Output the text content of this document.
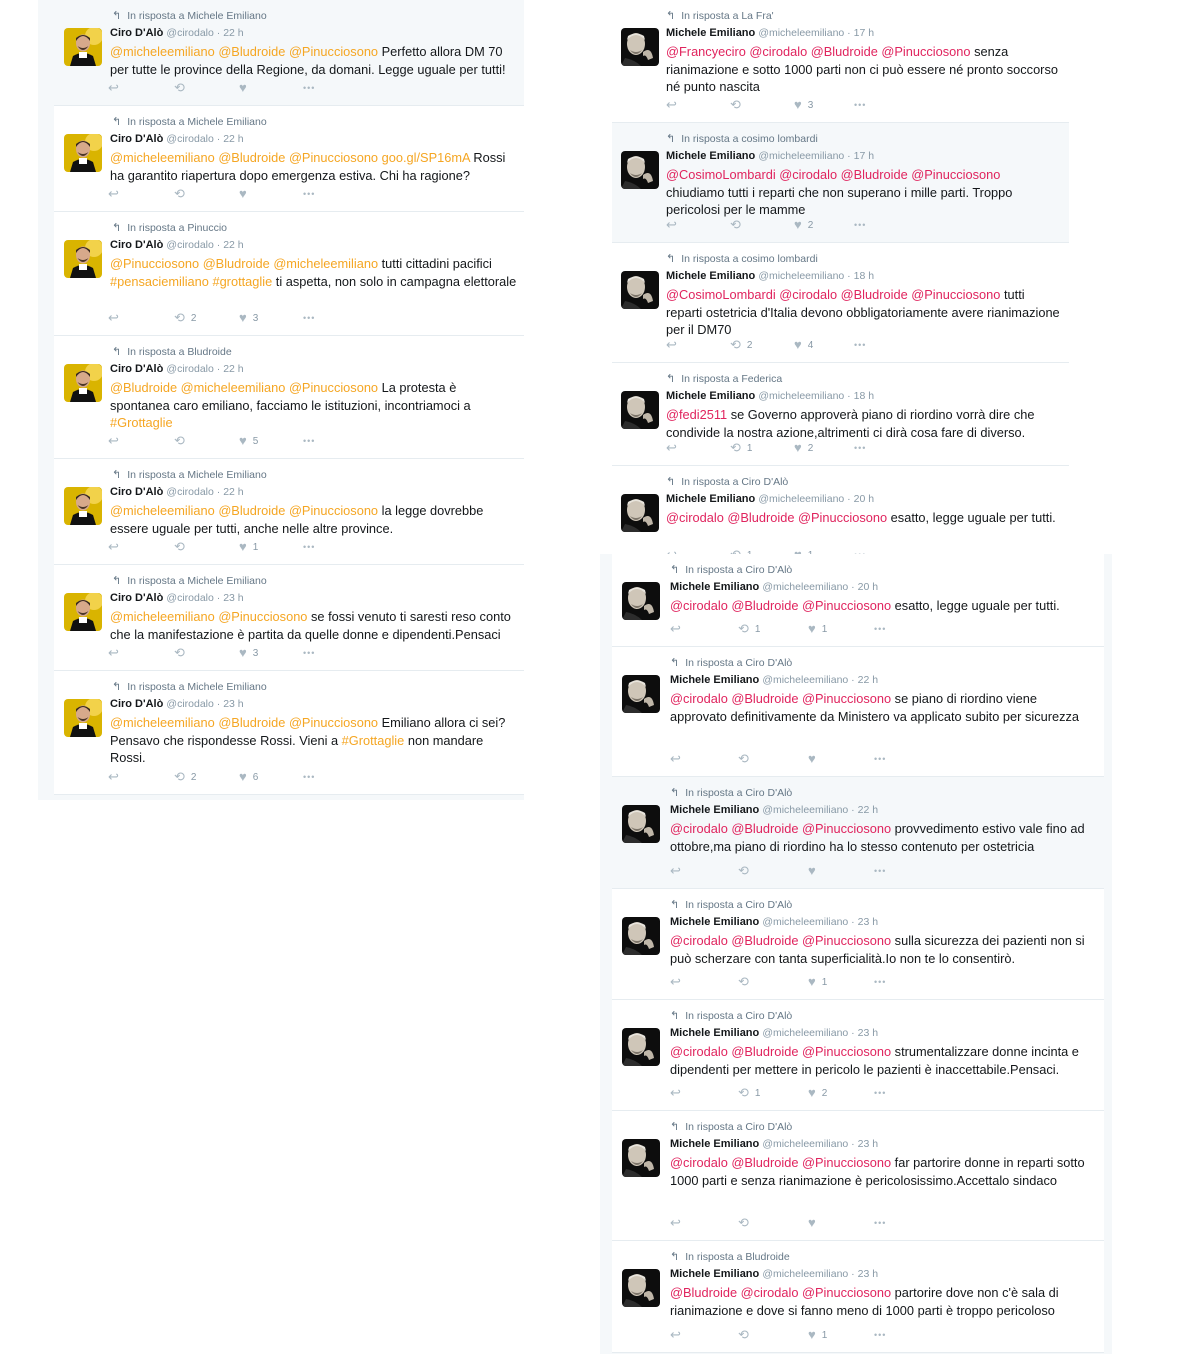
↰ In risposta a Michele Emiliano
Ciro D'Alò @cirodalo · 22 h
@micheleemiliano @Bludroide @Pinucciosono Perfetto allora DM 70 per tutte le province della Regione, da domani. Legge uguale per tutti!
↩	⟲	♥	•••
↰ In risposta a Michele Emiliano
Ciro D'Alò @cirodalo · 22 h
@micheleemiliano @Bludroide @Pinucciosono goo.gl/SP16mA Rossi ha garantito riapertura dopo emergenza estiva. Chi ha ragione?
↩	⟲	♥	•••
↰ In risposta a Pinuccio
Ciro D'Alò @cirodalo · 22 h
@Pinucciosono @Bludroide @micheleemiliano tutti cittadini pacifici #pensaciemiliano #grottaglie ti aspetta, non solo in campagna elettorale
↩	⟲ 2	♥ 3	•••
↰ In risposta a Bludroide
Ciro D'Alò @cirodalo · 22 h
@Bludroide @micheleemiliano @Pinucciosono La protesta è spontanea caro emiliano, facciamo le istituzioni, incontriamoci a #Grottaglie
↩	⟲	♥ 5	•••
↰ In risposta a Michele Emiliano
Ciro D'Alò @cirodalo · 22 h
@micheleemiliano @Bludroide @Pinucciosono la legge dovrebbe essere uguale per tutti, anche nelle altre province.
↩	⟲	♥ 1	•••
↰ In risposta a Michele Emiliano
Ciro D'Alò @cirodalo · 23 h
@micheleemiliano @Pinucciosono se fossi venuto ti saresti reso conto che la manifestazione è partita da quelle donne e dipendenti.Pensaci
↩	⟲	♥ 3	•••
↰ In risposta a Michele Emiliano
Ciro D'Alò @cirodalo · 23 h
@micheleemiliano @Bludroide @Pinucciosono Emiliano allora ci sei? Pensavo che rispondesse Rossi. Vieni a #Grottaglie non mandare Rossi.
↩	⟲ 2	♥ 6	•••
↰ In risposta a La Fra'
Michele Emiliano @micheleemiliano · 17 h
@Francyeciro @cirodalo @Bludroide @Pinucciosono senza rianimazione e sotto 1000 parti non ci può essere né pronto soccorso né punto nascita
↩	⟲	♥ 3	•••
↰ In risposta a cosimo lombardi
Michele Emiliano @micheleemiliano · 17 h
@CosimoLombardi @cirodalo @Bludroide @Pinucciosono chiudiamo tutti i reparti che non superano i mille parti. Troppo pericolosi per le mamme
↩	⟲	♥ 2	•••
↰ In risposta a cosimo lombardi
Michele Emiliano @micheleemiliano · 18 h
@CosimoLombardi @cirodalo @Bludroide @Pinucciosono tutti reparti ostetricia d'Italia devono obbligatoriamente avere rianimazione per il DM70
↩	⟲ 2	♥ 4	•••
↰ In risposta a Federica
Michele Emiliano @micheleemiliano · 18 h
@fedi2511 se Governo approverà piano di riordino vorrà dire che condivide la nostra azione,altrimenti ci dirà cosa fare di diverso.
↩	⟲ 1	♥ 2	•••
↰ In risposta a Ciro D'Alò
Michele Emiliano @micheleemiliano · 20 h
@cirodalo @Bludroide @Pinucciosono esatto, legge uguale per tutti.
↰ In risposta a Ciro D'Alò
Michele Emiliano @micheleemiliano · 20 h
@cirodalo @Bludroide @Pinucciosono esatto, legge uguale per tutti.
↩	⟲ 1	♥ 1	•••
↰ In risposta a Ciro D'Alò
Michele Emiliano @micheleemiliano · 22 h
@cirodalo @Bludroide @Pinucciosono se piano di riordino viene approvato definitivamente da Ministero va applicato subito per sicurezza
↩	⟲	♥	•••
↰ In risposta a Ciro D'Alò
Michele Emiliano @micheleemiliano · 22 h
@cirodalo @Bludroide @Pinucciosono provvedimento estivo vale fino ad ottobre,ma piano di riordino ha lo stesso contenuto per ostetricia
↩	⟲	♥	•••
↰ In risposta a Ciro D'Alò
Michele Emiliano @micheleemiliano · 23 h
@cirodalo @Bludroide @Pinucciosono sulla sicurezza dei pazienti non si può scherzare con tanta superficialità.Io non te lo consentirò.
↩	⟲	♥ 1	•••
↰ In risposta a Ciro D'Alò
Michele Emiliano @micheleemiliano · 23 h
@cirodalo @Bludroide @Pinucciosono strumentalizzare donne incinta e dipendenti per mettere in pericolo le pazienti è inaccettabile.Pensaci.
↩	⟲ 1	♥ 2	•••
↰ In risposta a Ciro D'Alò
Michele Emiliano @micheleemiliano · 23 h
@cirodalo @Bludroide @Pinucciosono far partorire donne in reparti sotto 1000 parti e senza rianimazione è pericolosissimo.Accettalo sindaco
↩	⟲	♥	•••
↰ In risposta a Bludroide
Michele Emiliano @micheleemiliano · 23 h
@Bludroide @cirodalo @Pinucciosono partorire dove non c'è sala di rianimazione e dove si fanno meno di 1000 parti è troppo pericoloso
↩	⟲	♥ 1	•••
